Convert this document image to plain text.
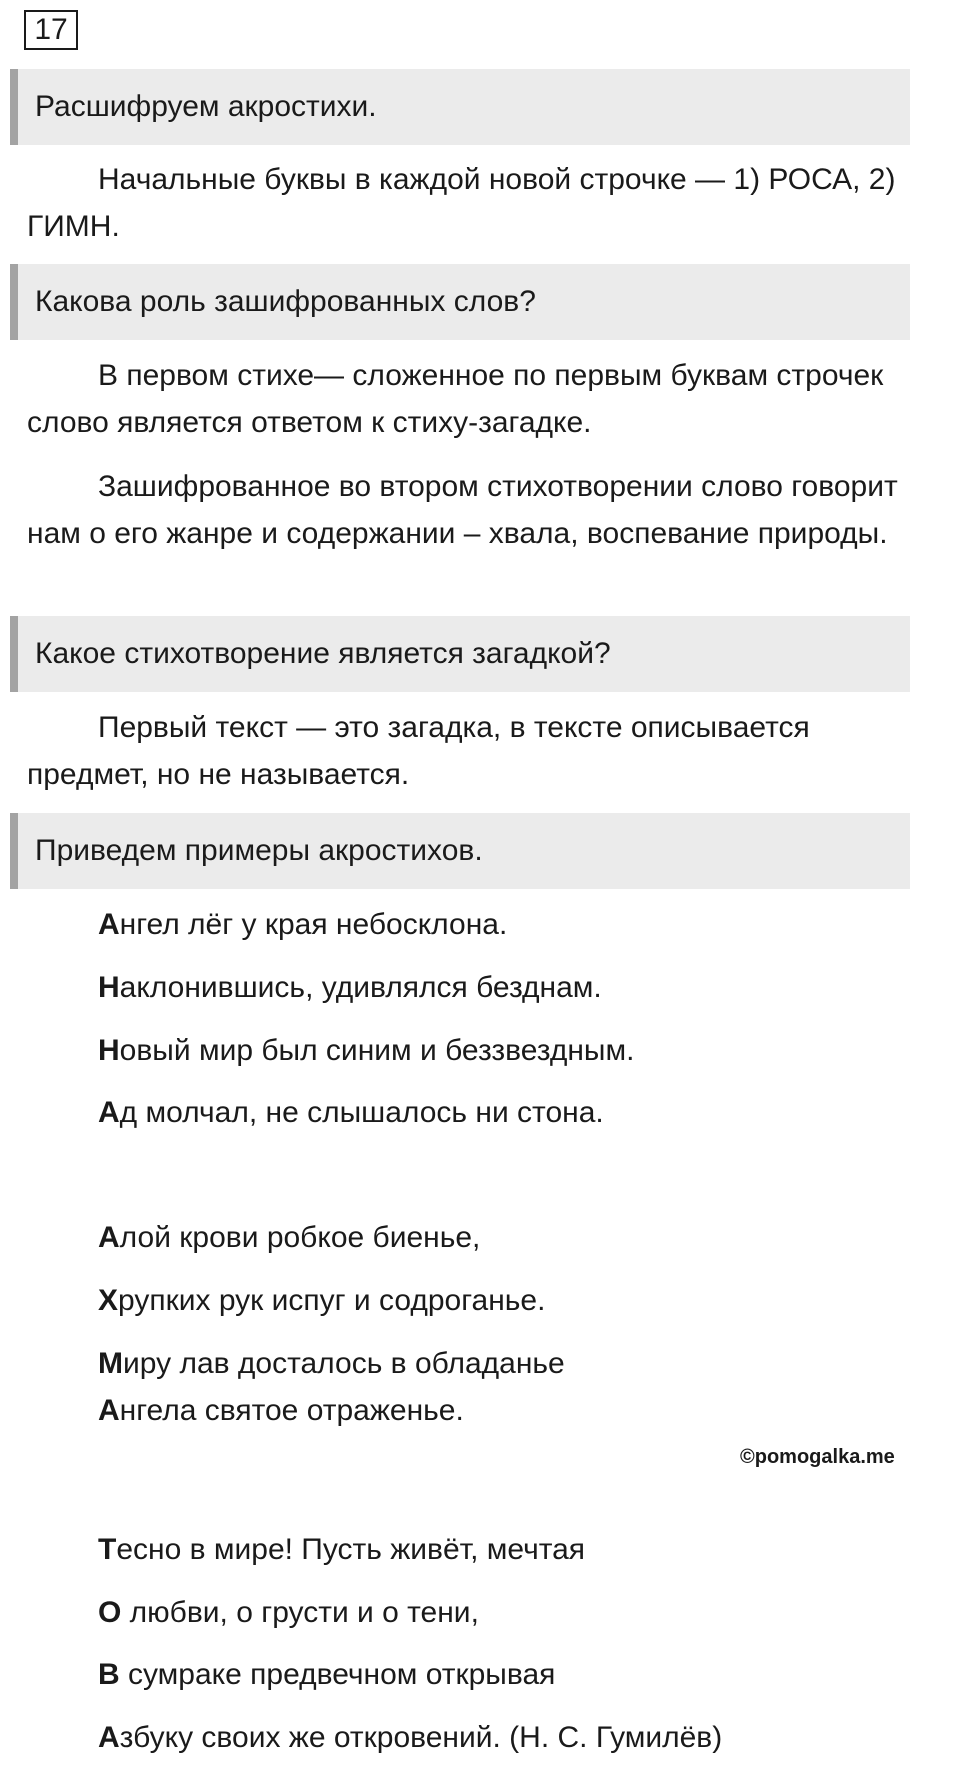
17
Расшифруем акростихи.
Начальные буквы в каждой новой строчке — 1) РОСА, 2) ГИМН.
Какова роль зашифрованных слов?
В первом стихе— сложенное по первым буквам строчек слово является ответом к стиху-загадке.
Зашифрованное во втором стихотворении слово говорит нам о его жанре и содержании – хвала, воспевание природы.
Какое стихотворение является загадкой?
Первый текст — это загадка, в тексте описывается предмет, но не называется.
Приведем примеры акростихов.
Ангел лёг у края небосклона.
Наклонившись, удивлялся безднам.
Новый мир был синим и беззвездным.
Ад молчал, не слышалось ни стона.
Алой крови робкое биенье,
Хрупких рук испуг и содроганье.
Миру лав досталось в обладанье
Ангела святое отраженье.
©pomogalka.me
Тесно в мире! Пусть живёт, мечтая
О любви, о грусти и о тени,
В сумраке предвечном открывая
Азбуку своих же откровений. (Н. С. Гумилёв)
